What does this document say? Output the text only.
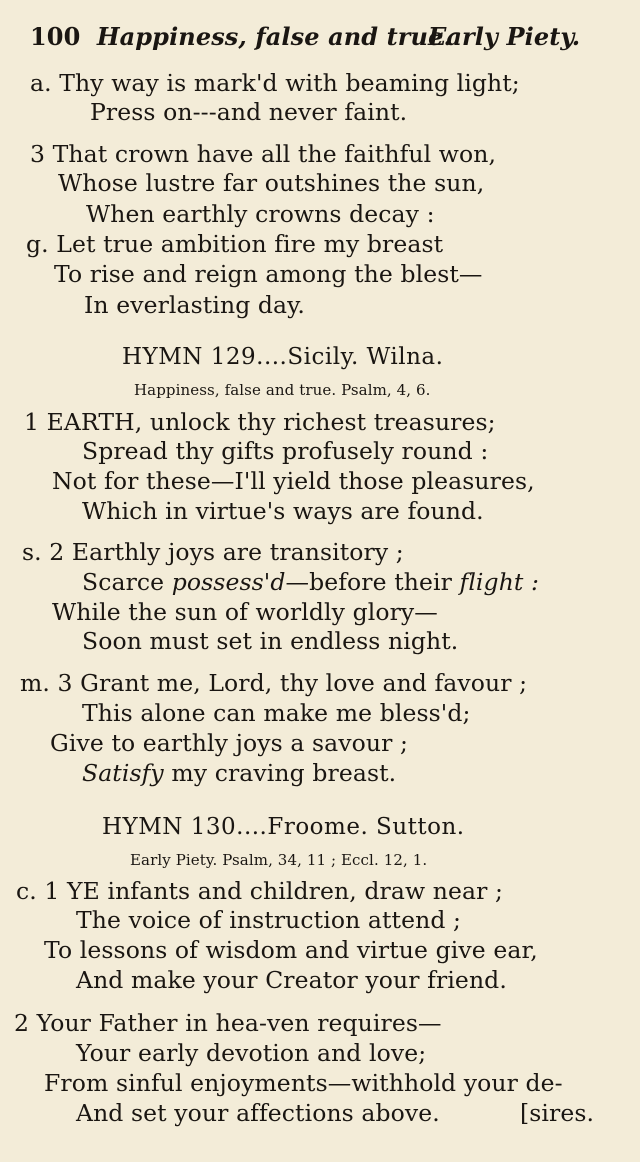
100 Happiness, false and true.
Early Piety.
a. Thy way is mark'd with beaming light;
Press on---and never faint.
3 That crown have all the faithful won,
Whose lustre far outshines the sun,
When earthly crowns decay :
g. Let true ambition fire my breast
To rise and reign among the blest—
In everlasting day.
HYMN 129....Sicily. Wilna.
Happiness, false and true. Psalm, 4, 6.
1 EARTH, unlock thy richest treasures;
Spread thy gifts profusely round :
Not for these—I'll yield those pleasures,
Which in virtue's ways are found.
s. 2 Earthly joys are transitory ;
Scarce possess'd—before their flight :
While the sun of worldly glory—
Soon must set in endless night.
m. 3 Grant me, Lord, thy love and favour ;
This alone can make me bless'd;
Give to earthly joys a savour ;
Satisfy my craving breast.
HYMN 130....Froome. Sutton.
Early Piety. Psalm, 34, 11 ; Eccl. 12, 1.
c. 1 YE infants and children, draw near ;
The voice of instruction attend ;
To lessons of wisdom and virtue give ear,
And make your Creator your friend.
2 Your Father in hea-ven requires—
Your early devotion and love;
From sinful enjoyments—withhold your de-
And set your affections above.	[sires.
